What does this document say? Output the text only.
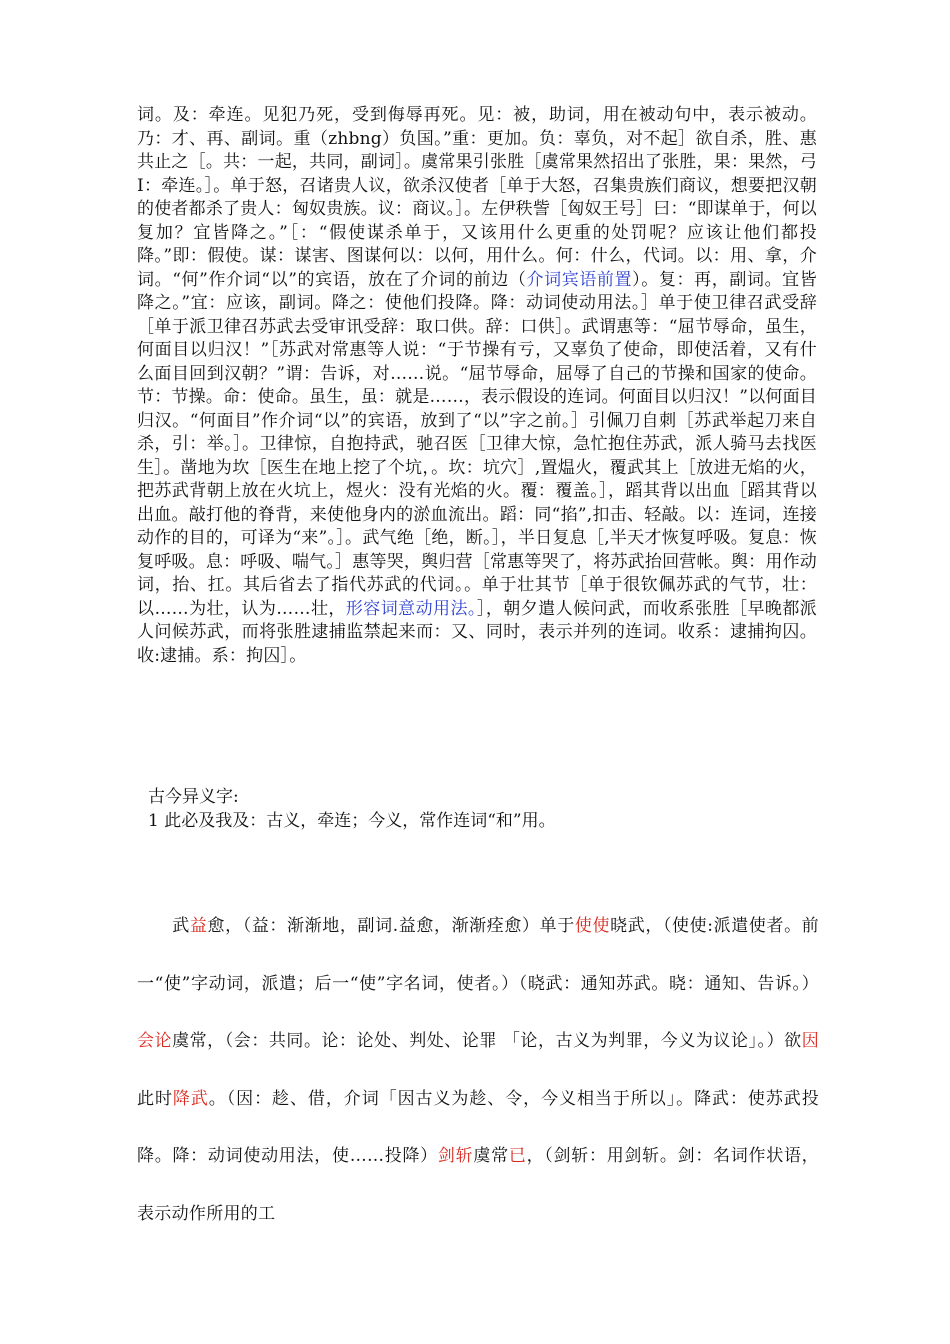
词。及：牵连。见犯乃死，受到侮辱再死。见：被，助词，用在被动句中，表示被动。乃：才、再、副词。重（zhbng）负国。”重：更加。负：辜负，对不起］欲自杀，胜、惠共止之［。共：一起，共同，副词］。虞常果引张胜［虞常果然招出了张胜，果：果然，弓 I：牵连。］。单于怒，召诸贵人议，欲杀汉使者［单于大怒，召集贵族们商议，想要把汉朝的使者都杀了贵人：匈奴贵族。议：商议。］。左伊秩訾［匈奴王号］曰：“即谋单于，何以复加？宜皆降之。”［：“假使谋杀单于，又该用什么更重的处罚呢？应该让他们都投降。”即：假使。谋：谋害、图谋何以：以何，用什么。何：什么，代词。以：用、拿，介词。“何”作介词“以”的宾语，放在了介词的前边（介词宾语前置）。复：再，副词。宜皆降之。”宜：应该，副词。降之：使他们投降。降：动词使动用法。］单于使卫律召武受辞［单于派卫律召苏武去受审讯受辞：取口供。辞：口供］。武谓惠等：“屈节辱命，虽生，何面目以归汉！”［苏武对常惠等人说：“于节操有亏，又辜负了使命，即使活着，又有什么面目回到汉朝？”谓：告诉，对……说。“屈节辱命，屈辱了自己的节操和国家的使命。节：节操。命：使命。虽生，虽：就是……，表示假设的连词。何面目以归汉！”以何面目归汉。“何面目”作介词“以”的宾语，放到了“以”字之前。］引佩刀自刺［苏武举起刀来自杀，引：举。］。卫律惊，自抱持武，驰召医［卫律大惊，急忙抱住苏武，派人骑马去找医生］。凿地为坎［医生在地上挖了个坑，。坎：坑穴］,置煴火，覆武其上［放进无焰的火，把苏武背朝上放在火坑上，煜火：没有光焰的火。覆：覆盖。］，蹈其背以出血［蹈其背以出血。敲打他的脊背，来使他身内的淤血流出。蹈：同“掐”,扣击、轻敲。以：连词，连接动作的目的，可译为“来”。］。武气绝［绝，断。］，半日复息［,半天才恢复呼吸。复息：恢复呼吸。息：呼吸、喘气。］惠等哭，舆归营［常惠等哭了，将苏武抬回营帐。舆：用作动词，抬、扛。其后省去了指代苏武的代词。。单于壮其节［单于很钦佩苏武的气节，壮：以……为壮，认为……壮，形容词意动用法。］，朝夕遣人候问武，而收系张胜［早晚都派人问候苏武，而将张胜逮捕监禁起来而：又、同时，表示并列的连词。收系：逮捕拘囚。收:逮捕。系：拘囚］。

古今异义字:
1 此必及我及：古义，牵连；今义，常作连词“和”用。

　　武益愈，（益：渐渐地，副词.益愈，渐渐痊愈）单于使使晓武，（使使:派遣使者。前一“使”字动词，派遣；后一“使”字名词，使者。）（晓武：通知苏武。晓：通知、告诉。）会论虞常，（会：共同。论：论处、判处、论罪 「论，古义为判罪，今义为议论」。）欲因此时降武。（因：趁、借，介词「因古义为趁、令，今义相当于所以」。降武：使苏武投降。降：动词使动用法，使……投降）剑斩虞常已，（剑斩：用剑斩。剑：名词作状语，表示动作所用的工
